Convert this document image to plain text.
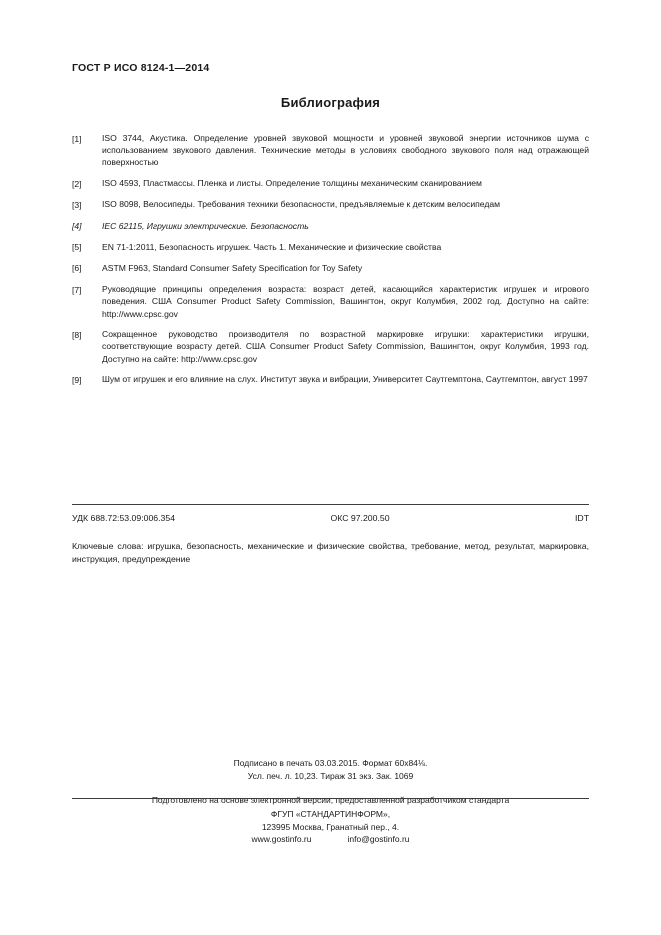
ГОСТ Р ИСО 8124-1—2014
Библиография
[1]	ISO 3744, Акустика. Определение уровней звуковой мощности и уровней звуковой энергии источников шума с использованием звукового давления. Технические методы в условиях свободного звукового поля над отражающей поверхностью
[2]	ISO 4593, Пластмассы. Пленка и листы. Определение толщины механическим сканированием
[3]	ISO 8098, Велосипеды. Требования техники безопасности, предъявляемые к детским велосипедам
[4]	IEC 62115, Игрушки электрические. Безопасность
[5]	EN 71-1:2011, Безопасность игрушек. Часть 1. Механические и физические свойства
[6]	ASTM F963, Standard Consumer Safety Specification for Toy Safety
[7]	Руководящие принципы определения возраста: возраст детей, касающийся характеристик игрушек и игрового поведения. США Consumer Product Safety Commission, Вашингтон, округ Колумбия, 2002 год. Доступно на сайте: http://www.cpsc.gov
[8]	Сокращенное руководство производителя по возрастной маркировке игрушки: характеристики игрушки, соответствующие возрасту детей. США Consumer Product Safety Commission, Вашингтон, округ Колумбия, 1993 год. Доступно на сайте: http://www.cpsc.gov
[9]	Шум от игрушек и его влияние на слух. Институт звука и вибрации, Университет Саутгемптона, Саутгемптон, август 1997
УДК 688.72:53.09:006.354	ОКС 97.200.50	IDT
Ключевые слова: игрушка, безопасность, механические и физические свойства, требование, метод, результат, маркировка, инструкция, предупреждение
Подписано в печать 03.03.2015. Формат 60х84⅛.
Усл. печ. л. 10,23. Тираж 31 экз. Зак. 1069
Подготовлено на основе электронной версии, предоставленной разработчиком стандарта
ФГУП «СТАНДАРТИНФОРМ»,
123995 Москва, Гранатный пер., 4.
www.gostinfo.ru	info@gostinfo.ru
